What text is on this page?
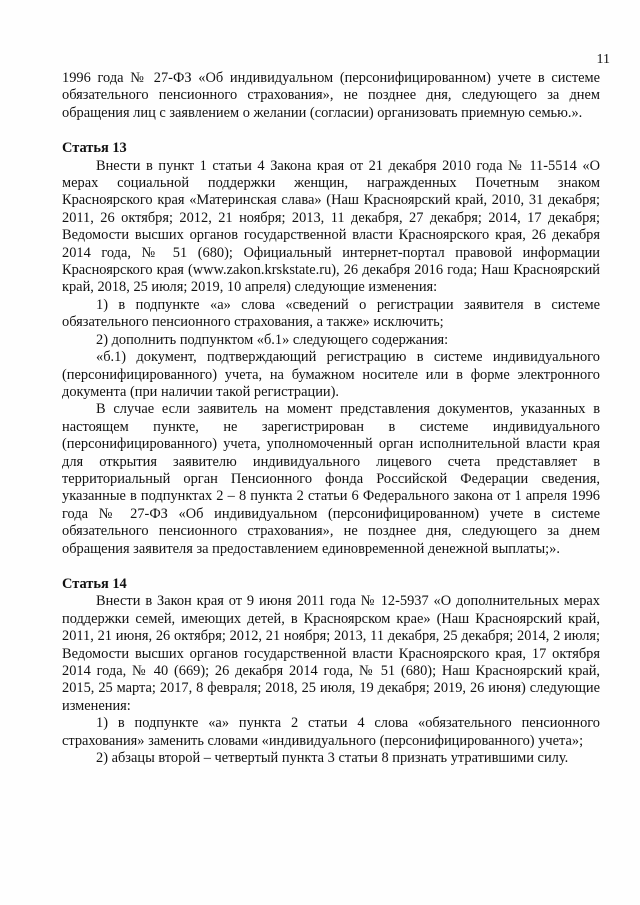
11

1996 года № 27-ФЗ «Об индивидуальном (персонифицированном) учете в системе обязательного пенсионного страхования», не позднее дня, следующего за днем обращения лиц с заявлением о желании (согласии) организовать приемную семью.».

Статья 13

Внести в пункт 1 статьи 4 Закона края от 21 декабря 2010 года № 11-5514 «О мерах социальной поддержки женщин, награжденных Почетным знаком Красноярского края «Материнская слава» (Наш Красноярский край, 2010, 31 декабря; 2011, 26 октября; 2012, 21 ноября; 2013, 11 декабря, 27 декабря; 2014, 17 декабря; Ведомости высших органов государственной власти Красноярского края, 26 декабря 2014 года, № 51 (680); Официальный интернет-портал правовой информации Красноярского края (www.zakon.krskstate.ru), 26 декабря 2016 года; Наш Красноярский край, 2018, 25 июля; 2019, 10 апреля) следующие изменения:

1) в подпункте «а» слова «сведений о регистрации заявителя в системе обязательного пенсионного страхования, а также» исключить;

2) дополнить подпунктом «б.1» следующего содержания:

«б.1) документ, подтверждающий регистрацию в системе индивидуального (персонифицированного) учета, на бумажном носителе или в форме электронного документа (при наличии такой регистрации).

В случае если заявитель на момент представления документов, указанных в настоящем пункте, не зарегистрирован в системе индивидуального (персонифицированного) учета, уполномоченный орган исполнительной власти края для открытия заявителю индивидуального лицевого счета представляет в территориальный орган Пенсионного фонда Российской Федерации сведения, указанные в подпунктах 2 – 8 пункта 2 статьи 6 Федерального закона от 1 апреля 1996 года № 27-ФЗ «Об индивидуальном (персонифицированном) учете в системе обязательного пенсионного страхования», не позднее дня, следующего за днем обращения заявителя за предоставлением единовременной денежной выплаты;».

Статья 14

Внести в Закон края от 9 июня 2011 года № 12-5937 «О дополнительных мерах поддержки семей, имеющих детей, в Красноярском крае» (Наш Красноярский край, 2011, 21 июня, 26 октября; 2012, 21 ноября; 2013, 11 декабря, 25 декабря; 2014, 2 июля; Ведомости высших органов государственной власти Красноярского края, 17 октября 2014 года, № 40 (669); 26 декабря 2014 года, № 51 (680); Наш Красноярский край, 2015, 25 марта; 2017, 8 февраля; 2018, 25 июля, 19 декабря; 2019, 26 июня) следующие изменения:

1) в подпункте «а» пункта 2 статьи 4 слова «обязательного пенсионного страхования» заменить словами «индивидуального (персонифицированного) учета»;

2) абзацы второй – четвертый пункта 3 статьи 8 признать утратившими силу.
